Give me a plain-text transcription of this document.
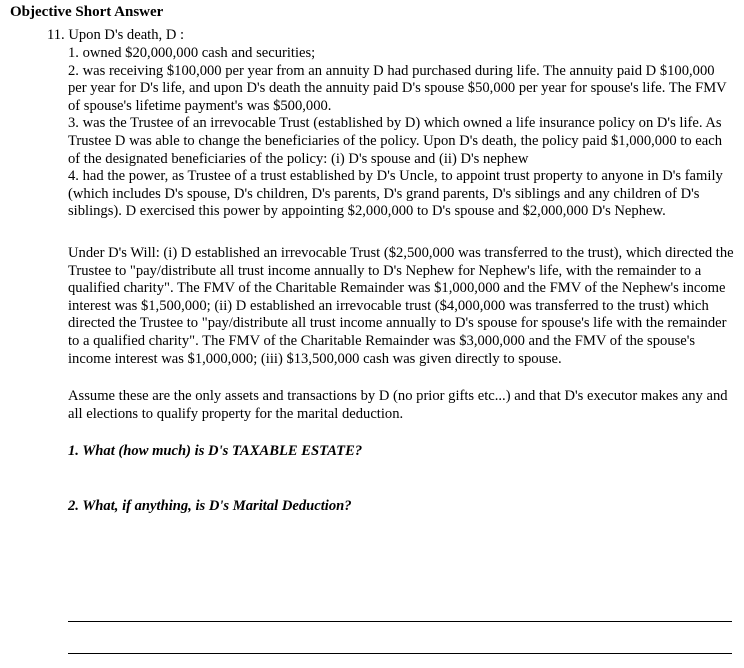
Objective Short Answer

11. Upon D's death, D :

1. owned $20,000,000 cash and securities;

2. was receiving $100,000 per year from an annuity D had purchased during life. The annuity paid D $100,000 per year for D's life, and upon D's death the annuity paid D's spouse $50,000 per year for spouse's life. The FMV of spouse's lifetime payment's was $500,000.

3. was the Trustee of an irrevocable Trust (established by D) which owned a life insurance policy on D's life. As Trustee D was able to change the beneficiaries of the policy. Upon D's death, the policy paid $1,000,000 to each of the designated beneficiaries of the policy: (i) D's spouse and (ii) D's nephew

4. had the power, as Trustee of a trust established by D's Uncle, to appoint trust property to anyone in D's family (which includes D's spouse, D's children, D's parents, D's grand parents, D's siblings and any children of D's siblings). D exercised this power by appointing $2,000,000 to D's spouse and $2,000,000 D's Nephew.

Under D's Will: (i) D established an irrevocable Trust ($2,500,000 was transferred to the trust), which directed the Trustee to "pay/distribute all trust income annually to D's Nephew for Nephew's life, with the remainder to a qualified charity". The FMV of the Charitable Remainder was $1,000,000 and the FMV of the Nephew's income interest was $1,500,000; (ii) D established an irrevocable trust ($4,000,000 was transferred to the trust) which directed the Trustee to "pay/distribute all trust income annually to D's spouse for spouse's life with the remainder to a qualified charity". The FMV of the Charitable Remainder was $3,000,000 and the FMV of the spouse's income interest was $1,000,000; (iii) $13,500,000 cash was given directly to spouse.

Assume these are the only assets and transactions by D (no prior gifts etc...) and that D's executor makes any and all elections to qualify property for the marital deduction.

1. What (how much) is D's TAXABLE ESTATE?

2. What, if anything, is D's Marital Deduction?
